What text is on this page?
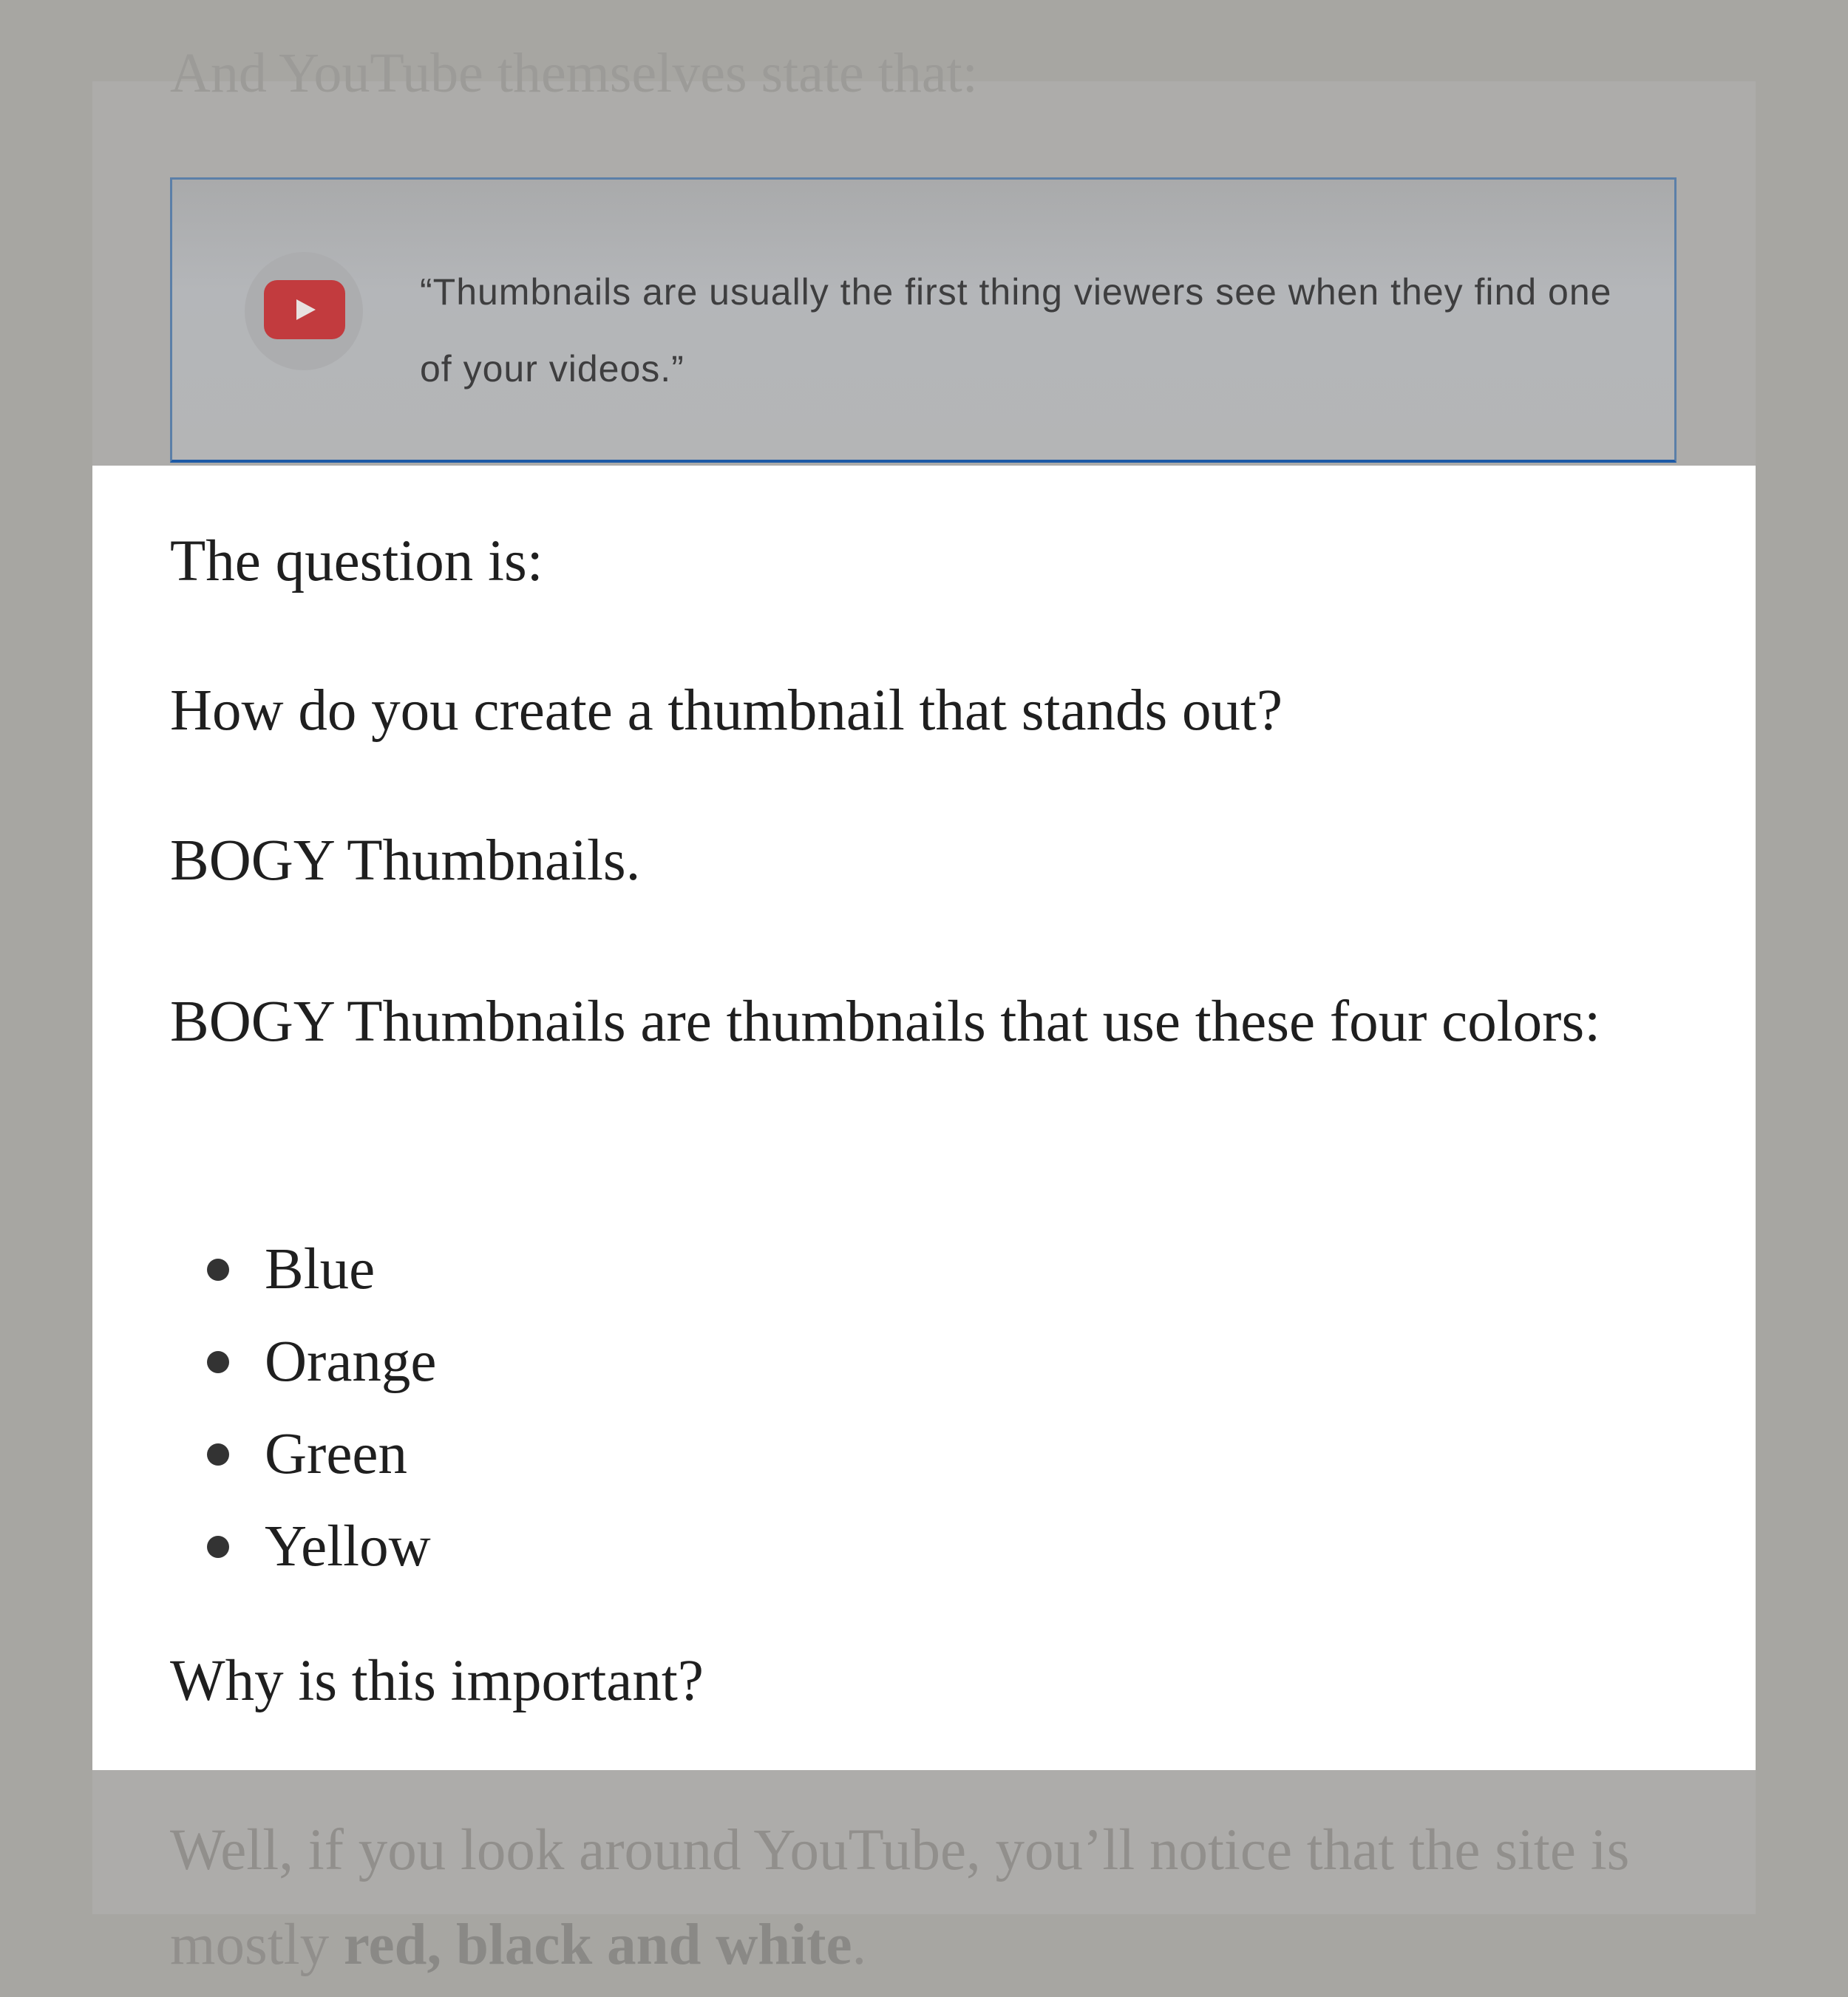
And YouTube themselves state that:
“Thumbnails are usually the first thing viewers see when they find one of your videos.”
The question is:
How do you create a thumbnail that stands out?
BOGY Thumbnails.
BOGY Thumbnails are thumbnails that use these four colors:
Blue
Orange
Green
Yellow
Why is this important?
Well, if you look around YouTube, you’ll notice that the site is mostly red, black and white.
